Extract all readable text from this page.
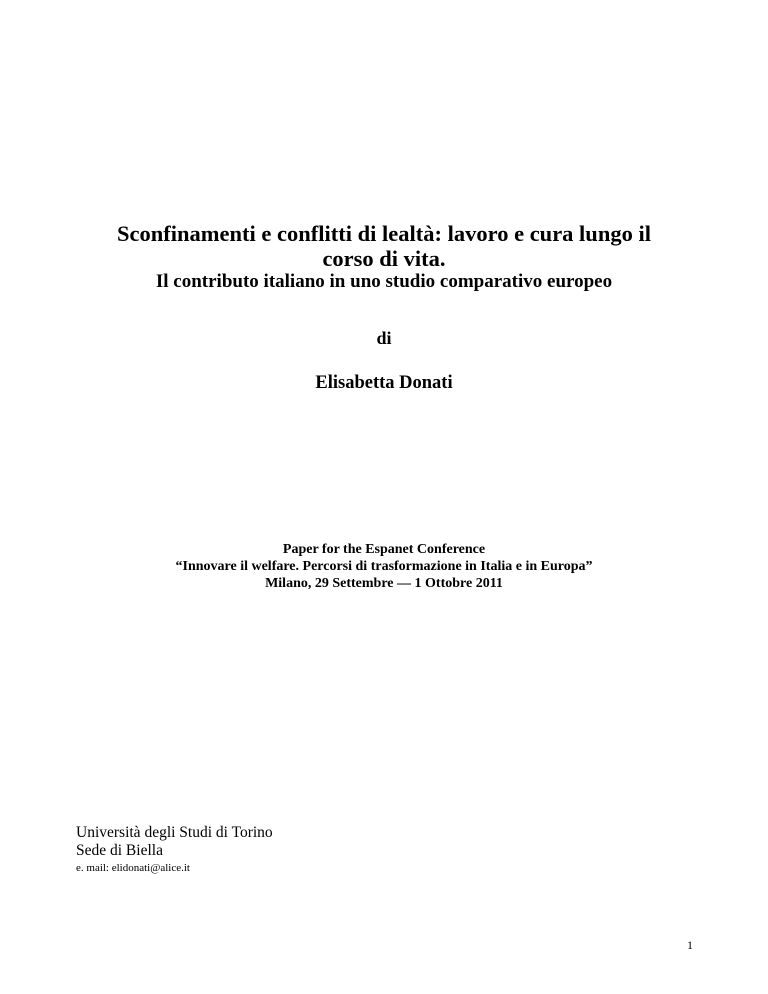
Sconfinamenti e conflitti di lealtà: lavoro e cura lungo il
corso di vita.
Il contributo italiano in uno studio comparativo europeo
di
Elisabetta Donati
Paper for the Espanet Conference
“Innovare il welfare. Percorsi di trasformazione in Italia e in Europa”
Milano, 29 Settembre — 1 Ottobre 2011
Università degli Studi di Torino
Sede di Biella
e. mail: elidonati@alice.it
1
